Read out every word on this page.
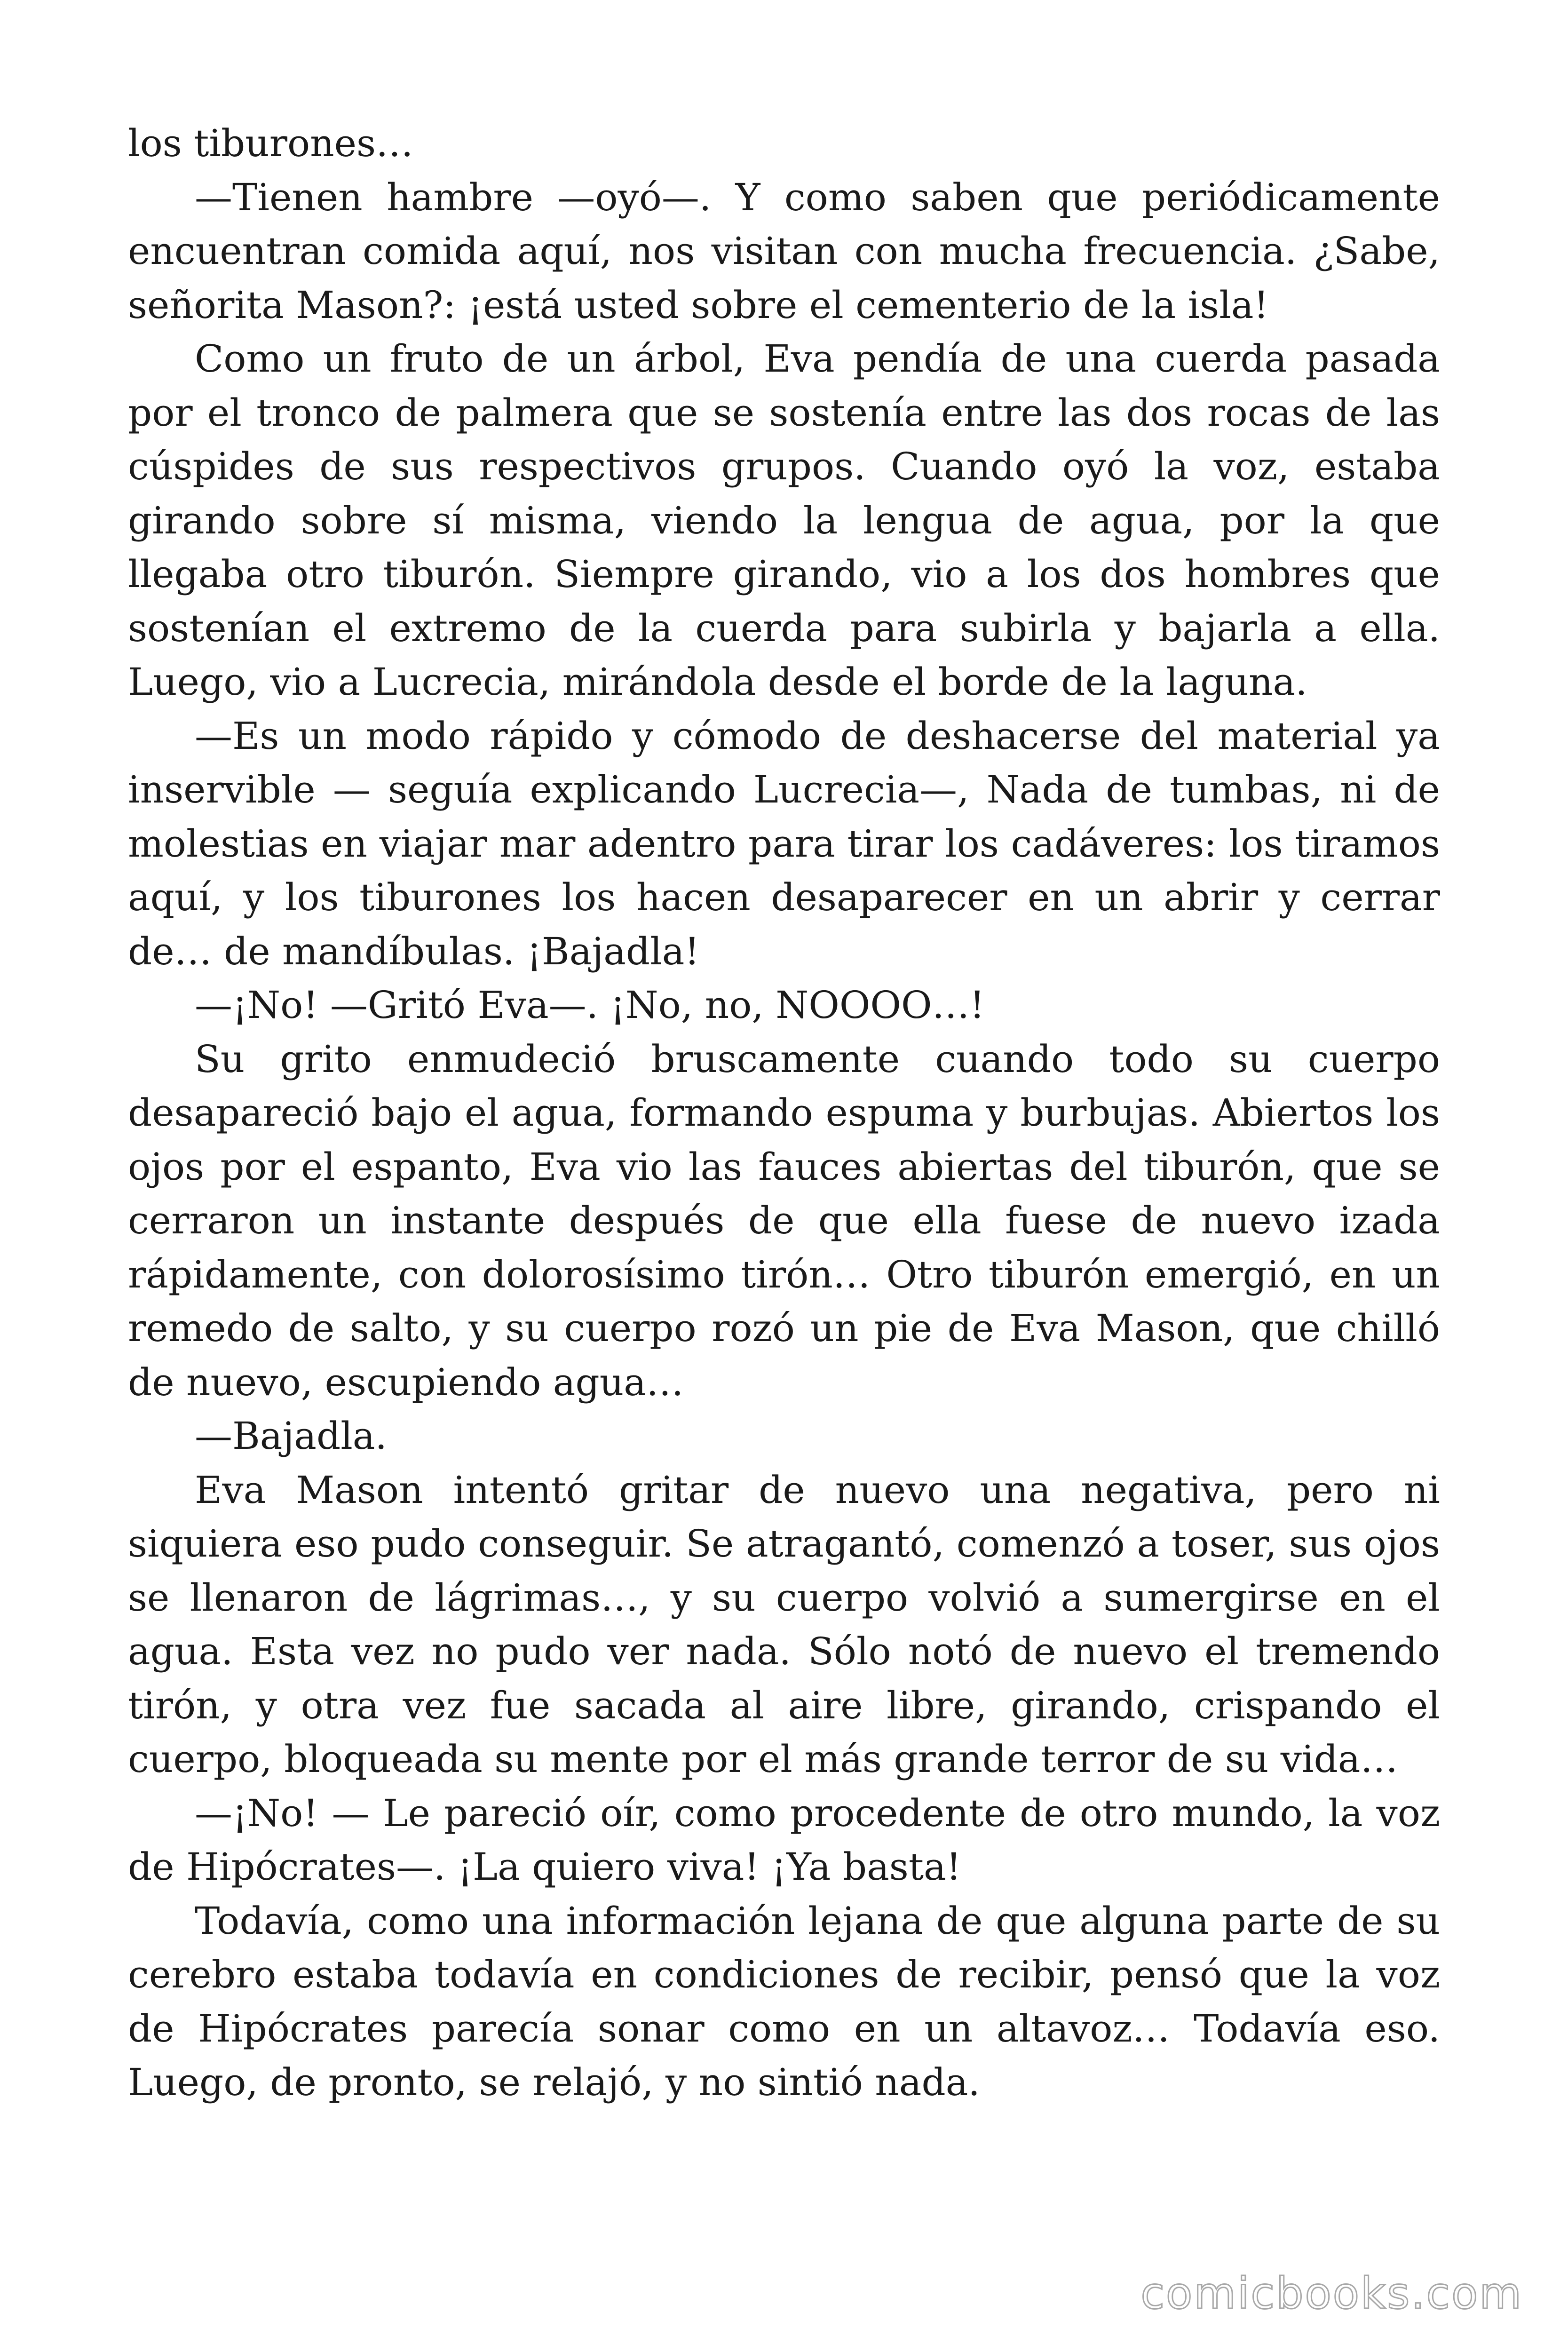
los tiburones…

—Tienen hambre —oyó—. Y como saben que periódicamente encuentran comida aquí, nos visitan con mucha frecuencia. ¿Sabe, señorita Mason?: ¡está usted sobre el cementerio de la isla!

Como un fruto de un árbol, Eva pendía de una cuerda pasada por el tronco de palmera que se sostenía entre las dos rocas de las cúspides de sus respectivos grupos. Cuando oyó la voz, estaba girando sobre sí misma, viendo la lengua de agua, por la que llegaba otro tiburón. Siempre girando, vio a los dos hombres que sostenían el extremo de la cuerda para subirla y bajarla a ella. Luego, vio a Lucrecia, mirándola desde el borde de la laguna.

—Es un modo rápido y cómodo de deshacerse del material ya inservible — seguía explicando Lucrecia—, Nada de tumbas, ni de molestias en viajar mar adentro para tirar los cadáveres: los tiramos aquí, y los tiburones los hacen desaparecer en un abrir y cerrar de… de mandíbulas. ¡Bajadla!

—¡No! —Gritó Eva—. ¡No, no, NOOOO…!

Su grito enmudeció bruscamente cuando todo su cuerpo desapareció bajo el agua, formando espuma y burbujas. Abiertos los ojos por el espanto, Eva vio las fauces abiertas del tiburón, que se cerraron un instante después de que ella fuese de nuevo izada rápidamente, con dolorosísimo tirón… Otro tiburón emergió, en un remedo de salto, y su cuerpo rozó un pie de Eva Mason, que chilló de nuevo, escupiendo agua…

—Bajadla.

Eva Mason intentó gritar de nuevo una negativa, pero ni siquiera eso pudo conseguir. Se atragantó, comenzó a toser, sus ojos se llenaron de lágrimas…, y su cuerpo volvió a sumergirse en el agua. Esta vez no pudo ver nada. Sólo notó de nuevo el tremendo tirón, y otra vez fue sacada al aire libre, girando, crispando el cuerpo, bloqueada su mente por el más grande terror de su vida…

—¡No! — Le pareció oír, como procedente de otro mundo, la voz de Hipócrates—. ¡La quiero viva! ¡Ya basta!

Todavía, como una información lejana de que alguna parte de su cerebro estaba todavía en condiciones de recibir, pensó que la voz de Hipócrates parecía sonar como en un altavoz… Todavía eso. Luego, de pronto, se relajó, y no sintió nada.

comicbooks.com
